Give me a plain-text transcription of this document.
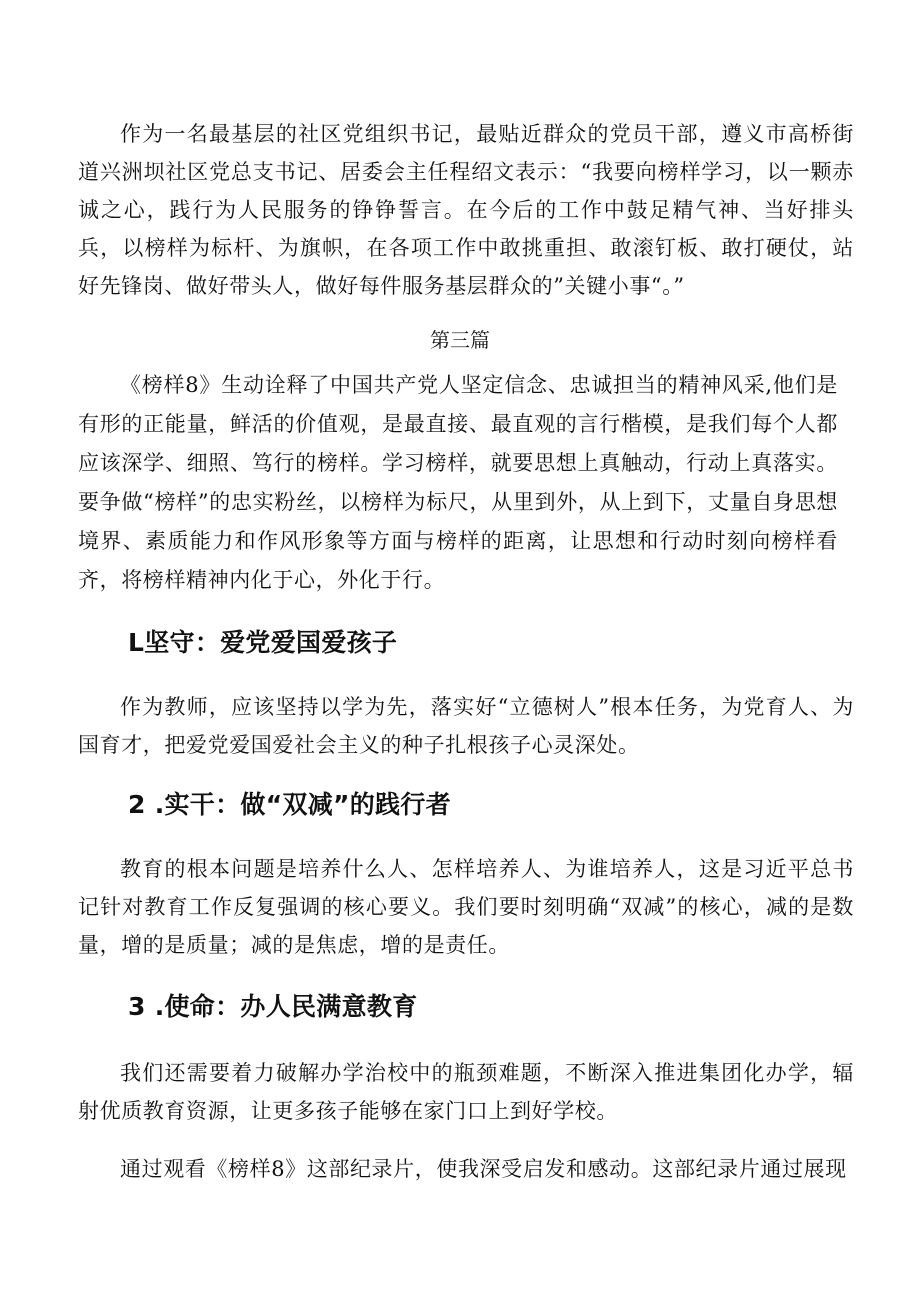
作为一名最基层的社区党组织书记，最贴近群众的党员干部，遵义市高桥街道兴洲坝社区党总支书记、居委会主任程绍文表示：“我要向榜样学习，以一颗赤诚之心，践行为人民服务的铮铮誓言。在今后的工作中鼓足精气神、当好排头兵，以榜样为标杆、为旗帜，在各项工作中敢挑重担、敢滚钉板、敢打硬仗，站好先锋岗、做好带头人，做好每件服务基层群众的”关键小事“。”

第三篇

《榜样8》生动诠释了中国共产党人坚定信念、忠诚担当的精神风采,他们是有形的正能量，鲜活的价值观，是最直接、最直观的言行楷模，是我们每个人都应该深学、细照、笃行的榜样。学习榜样，就要思想上真触动，行动上真落实。要争做“榜样”的忠实粉丝，以榜样为标尺，从里到外，从上到下，丈量自身思想境界、素质能力和作风形象等方面与榜样的距离，让思想和行动时刻向榜样看齐，将榜样精神内化于心，外化于行。

L坚守：爱党爱国爱孩子

作为教师，应该坚持以学为先，落实好“立德树人”根本任务，为党育人、为国育才，把爱党爱国爱社会主义的种子扎根孩子心灵深处。

2 .实干：做“双减”的践行者

教育的根本问题是培养什么人、怎样培养人、为谁培养人，这是习近平总书记针对教育工作反复强调的核心要义。我们要时刻明确“双减”的核心，减的是数量，增的是质量；减的是焦虑，增的是责任。

3 .使命：办人民满意教育

我们还需要着力破解办学治校中的瓶颈难题，不断深入推进集团化办学，辐射优质教育资源，让更多孩子能够在家门口上到好学校。

通过观看《榜样8》这部纪录片，使我深受启发和感动。这部纪录片通过展现
